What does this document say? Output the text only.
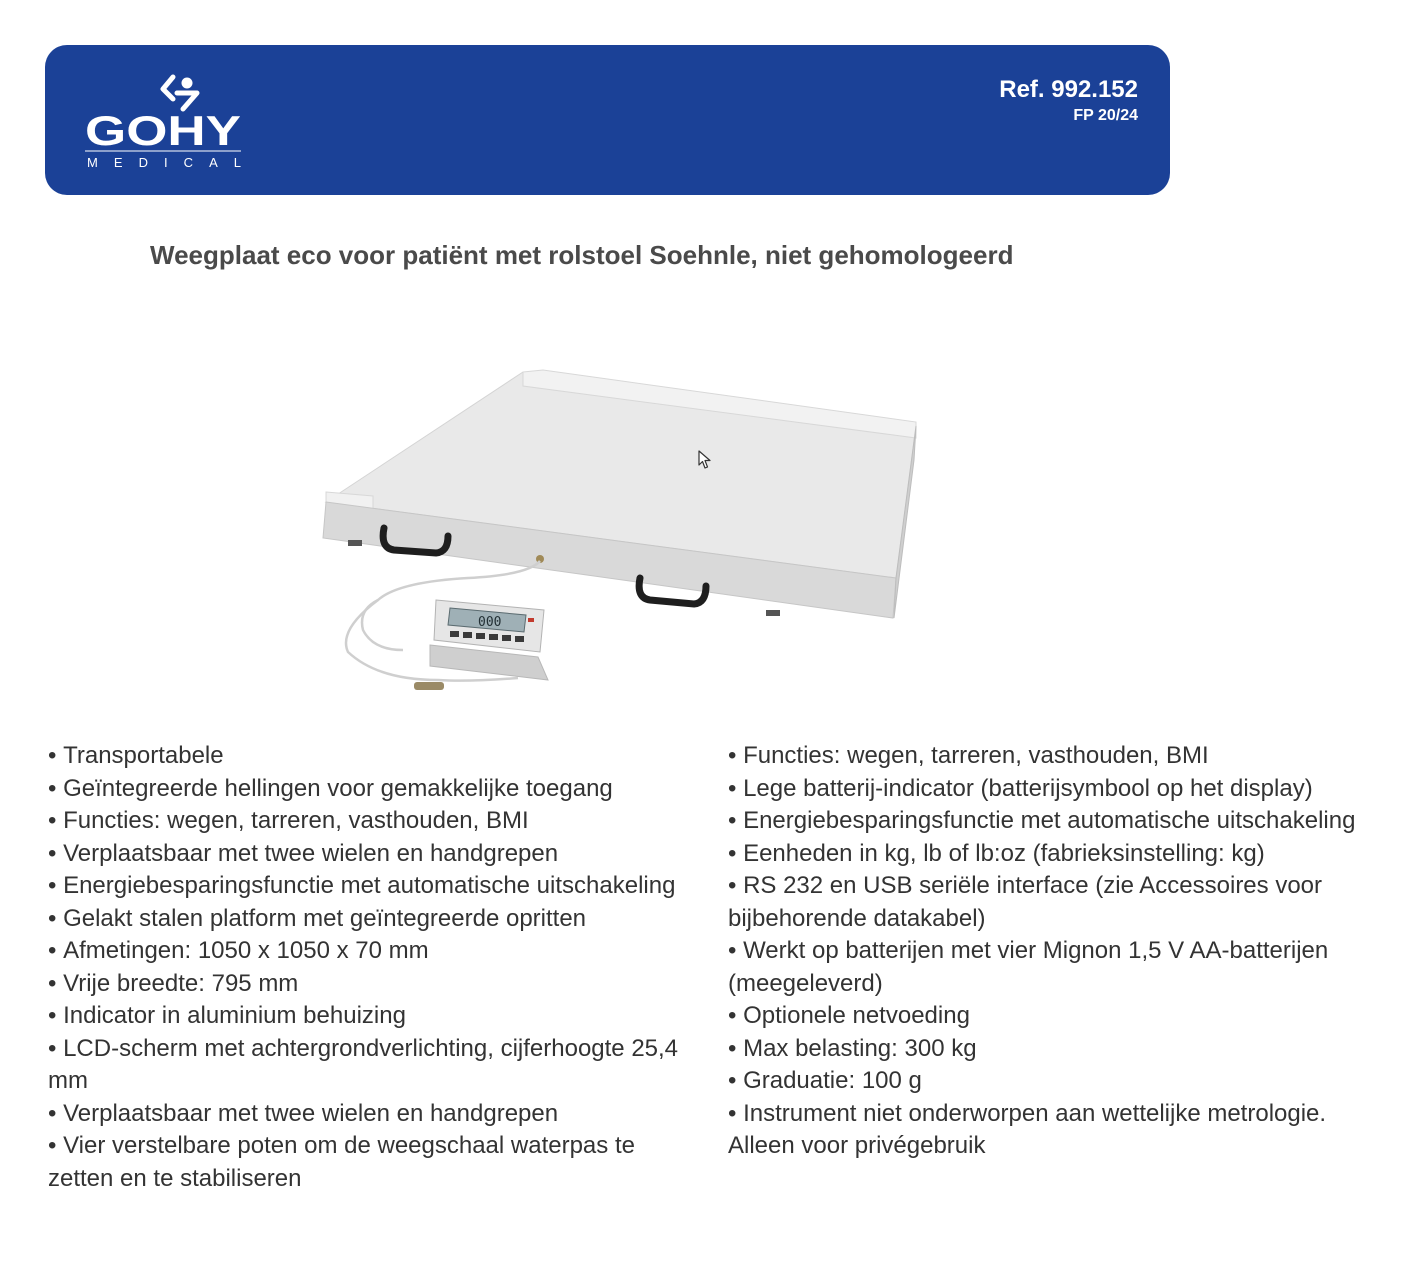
GOHY
MEDICAL
Ref. 992.152
FP 20/24
Weegplaat eco voor patiënt met rolstoel Soehnle, niet gehomologeerd
000
• Transportabele
• Geïntegreerde hellingen voor gemakkelijke toegang
• Functies: wegen, tarreren, vasthouden, BMI
• Verplaatsbaar met twee wielen en handgrepen
• Energiebesparingsfunctie met automatische uitschakeling
• Gelakt stalen platform met geïntegreerde opritten
• Afmetingen: 1050 x 1050 x 70 mm
• Vrije breedte: 795 mm
• Indicator in aluminium behuizing
• LCD-scherm met achtergrondverlichting, cijferhoogte 25,4 mm
• Verplaatsbaar met twee wielen en handgrepen
• Vier verstelbare poten om de weegschaal waterpas te zetten en te stabiliseren
• Functies: wegen, tarreren, vasthouden, BMI
• Lege batterij-indicator (batterijsymbool op het display)
• Energiebesparingsfunctie met automatische uitschakeling
• Eenheden in kg, lb of lb:oz (fabrieksinstelling: kg)
• RS 232 en USB seriële interface (zie Accessoires voor bijbehorende datakabel)
• Werkt op batterijen met vier Mignon 1,5 V AA-batterijen (meegeleverd)
• Optionele netvoeding
• Max belasting: 300 kg
• Graduatie: 100 g
• Instrument niet onderworpen aan wettelijke metrologie. Alleen voor privégebruik
